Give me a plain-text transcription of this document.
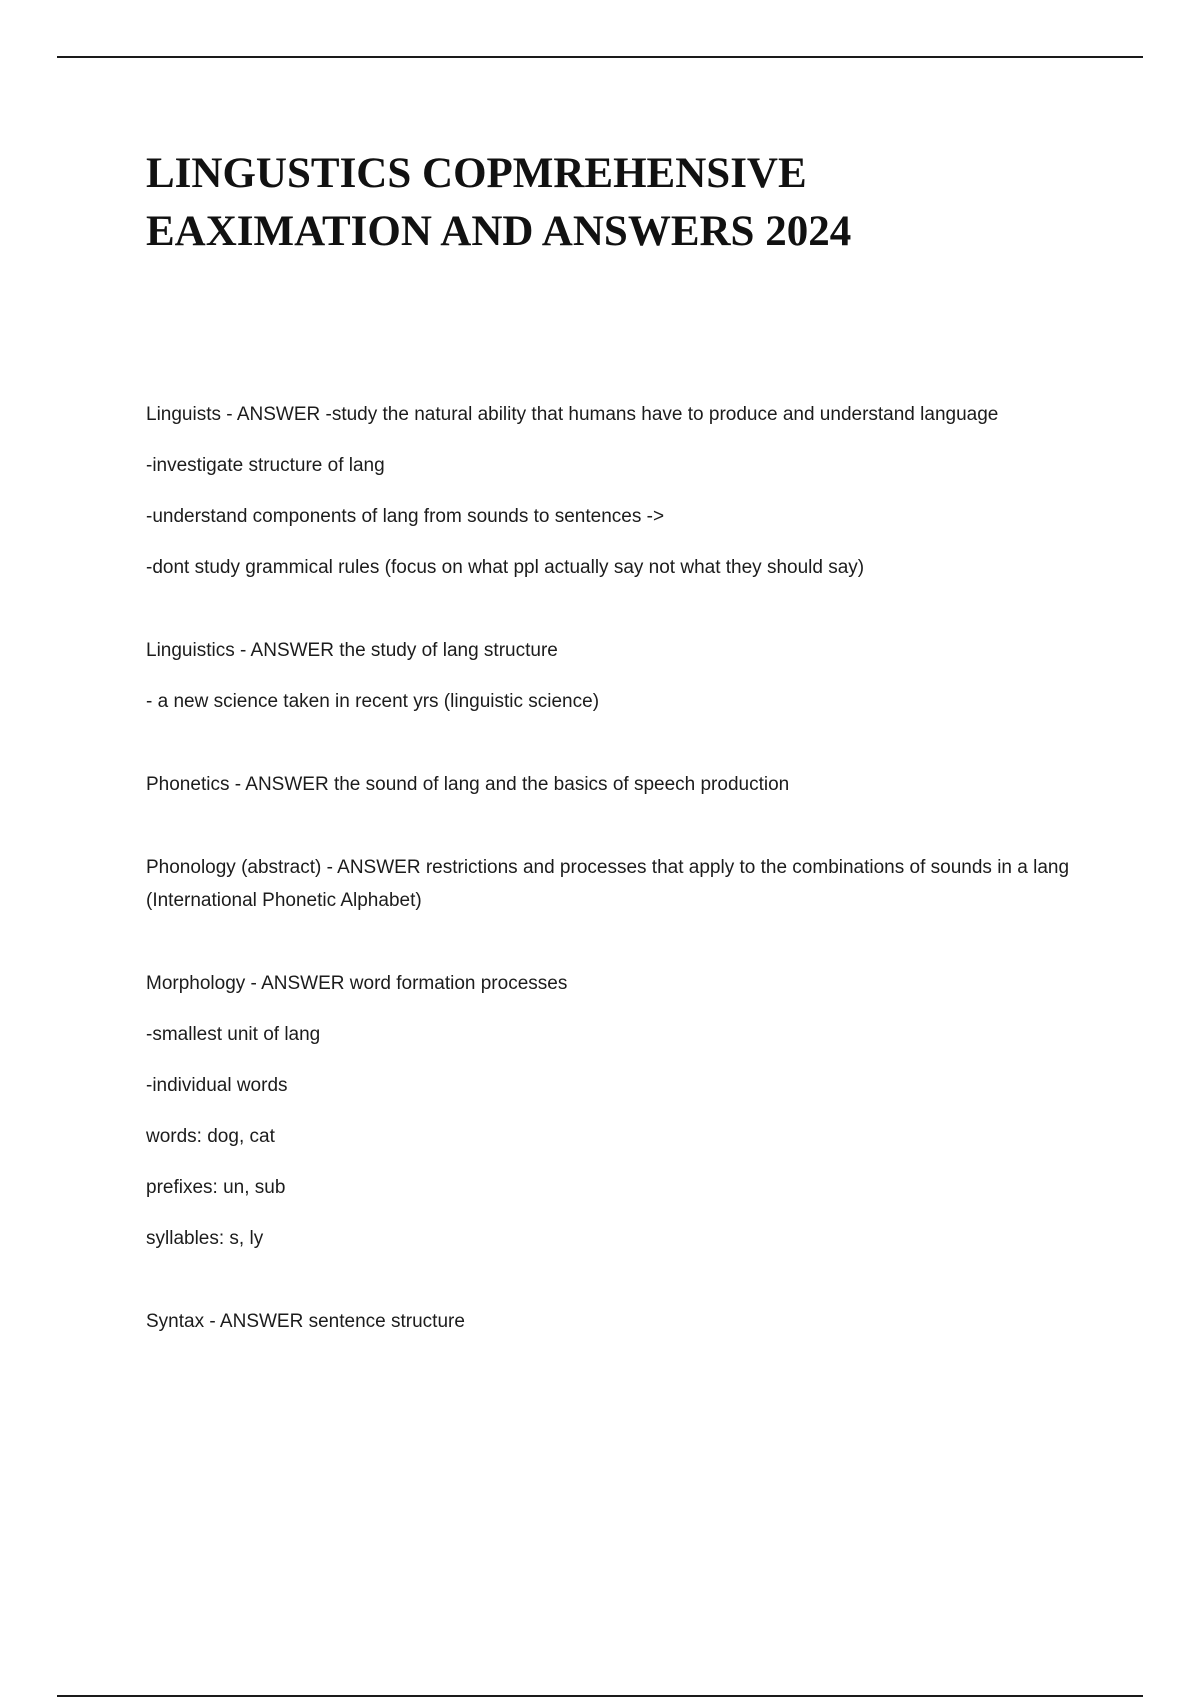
LINGUSTICS COPMREHENSIVE
EAXIMATION AND ANSWERS 2024

Linguists - ANSWER -study the natural ability that humans have to produce and understand language

-investigate structure of lang

-understand components of lang from sounds to sentences ->

-dont study grammical rules (focus on what ppl actually say not what they should say)

Linguistics - ANSWER the study of lang structure

- a new science taken in recent yrs (linguistic science)

Phonetics - ANSWER the sound of lang and the basics of speech production

Phonology (abstract) - ANSWER restrictions and processes that apply to the combinations of sounds in a lang (International Phonetic Alphabet)

Morphology - ANSWER word formation processes

-smallest unit of lang

-individual words

words: dog, cat

prefixes: un, sub

syllables: s, ly

Syntax - ANSWER sentence structure
